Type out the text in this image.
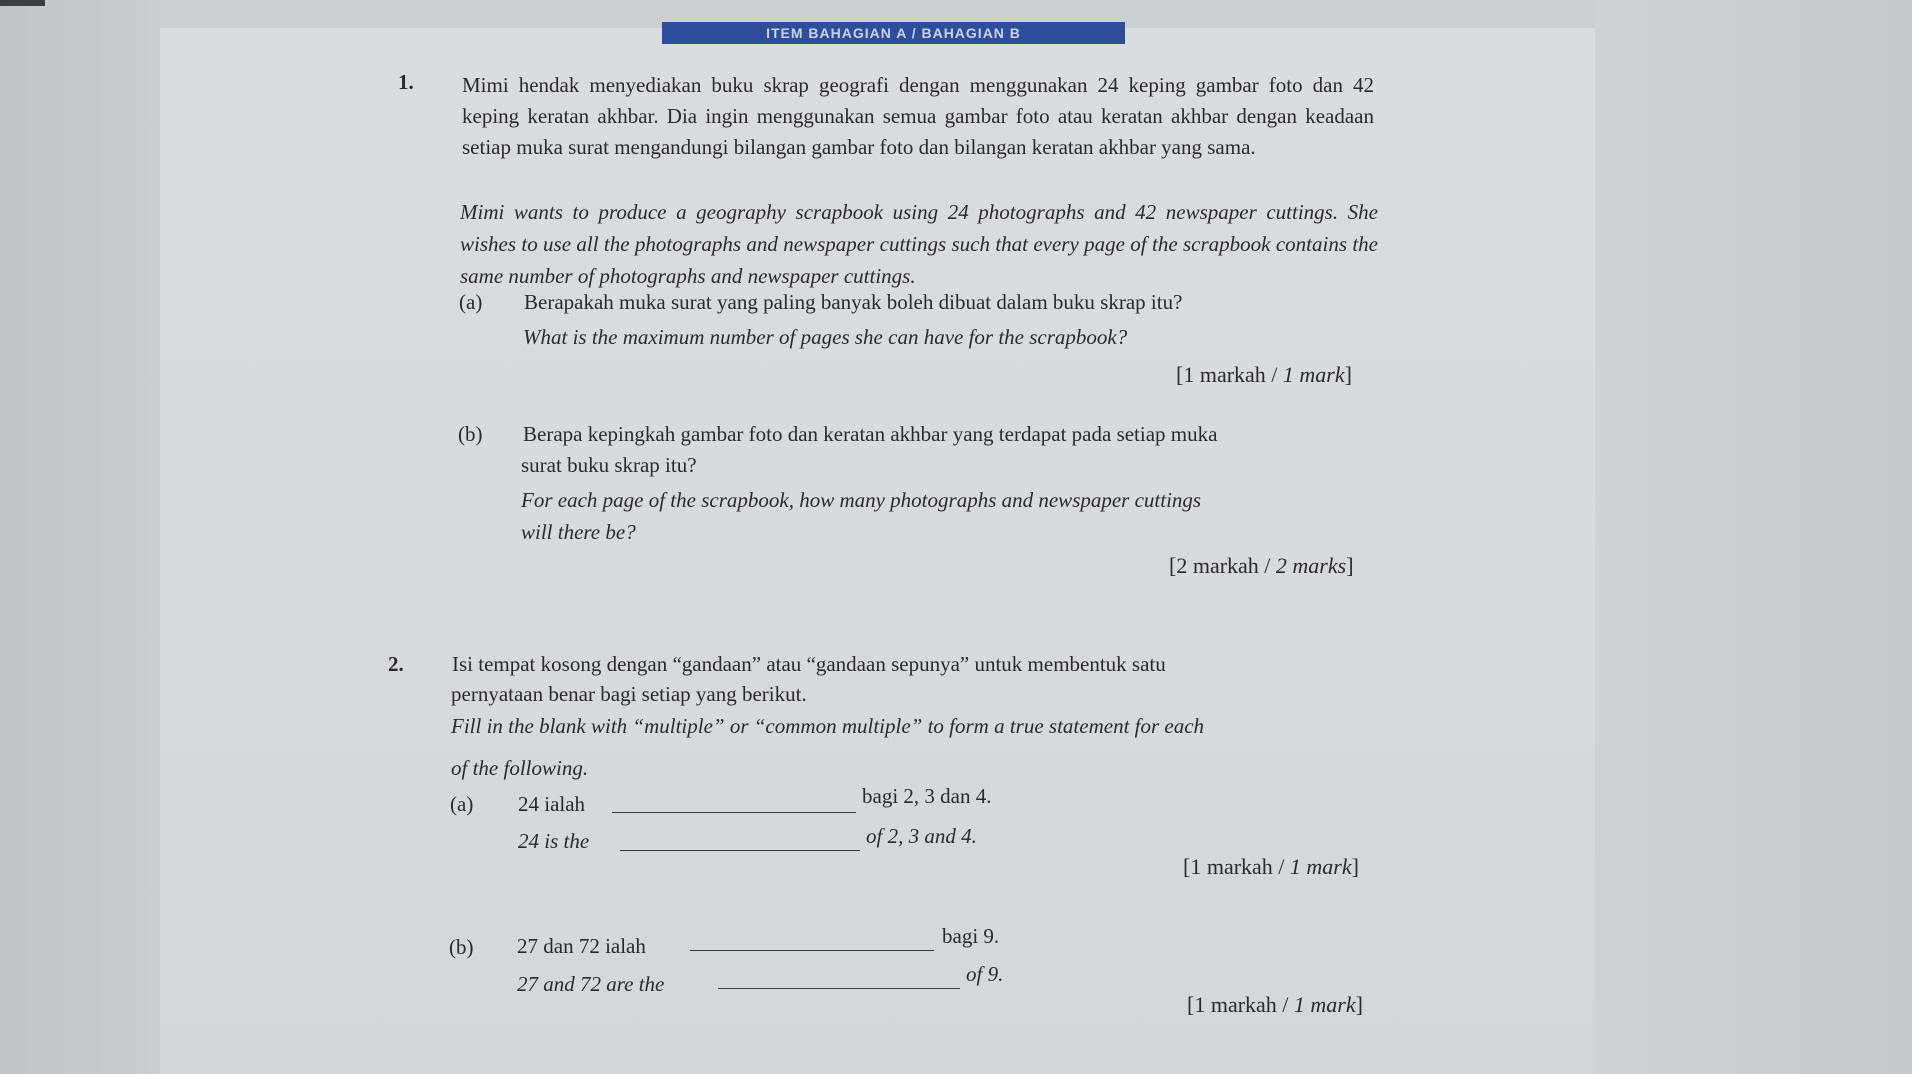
ITEM BAHAGIAN A / BAHAGIAN B
1. Mimi hendak menyediakan buku skrap geografi dengan menggunakan 24 keping gambar foto dan 42 keping keratan akhbar. Dia ingin menggunakan semua gambar foto atau keratan akhbar dengan keadaan setiap muka surat mengandungi bilangan gambar foto dan bilangan keratan akhbar yang sama.
Mimi wants to produce a geography scrapbook using 24 photographs and 42 newspaper cuttings. She wishes to use all the photographs and newspaper cuttings such that every page of the scrapbook contains the same number of photographs and newspaper cuttings.
(a) Berapakah muka surat yang paling banyak boleh dibuat dalam buku skrap itu?
What is the maximum number of pages she can have for the scrapbook?
[1 markah / 1 mark]
(b) Berapa kepingkah gambar foto dan keratan akhbar yang terdapat pada setiap muka
surat buku skrap itu?
For each page of the scrapbook, how many photographs and newspaper cuttings
will there be?
[2 markah / 2 marks]
2. Isi tempat kosong dengan “gandaan” atau “gandaan sepunya” untuk membentuk satu
pernyataan benar bagi setiap yang berikut.
Fill in the blank with “multiple” or “common multiple” to form a true statement for each
of the following.
(a) 24 ialah	bagi 2, 3 dan 4.
24 is the	of 2, 3 and 4.
[1 markah / 1 mark]
(b) 27 dan 72 ialah	bagi 9.
27 and 72 are the	of 9.
[1 markah / 1 mark]
